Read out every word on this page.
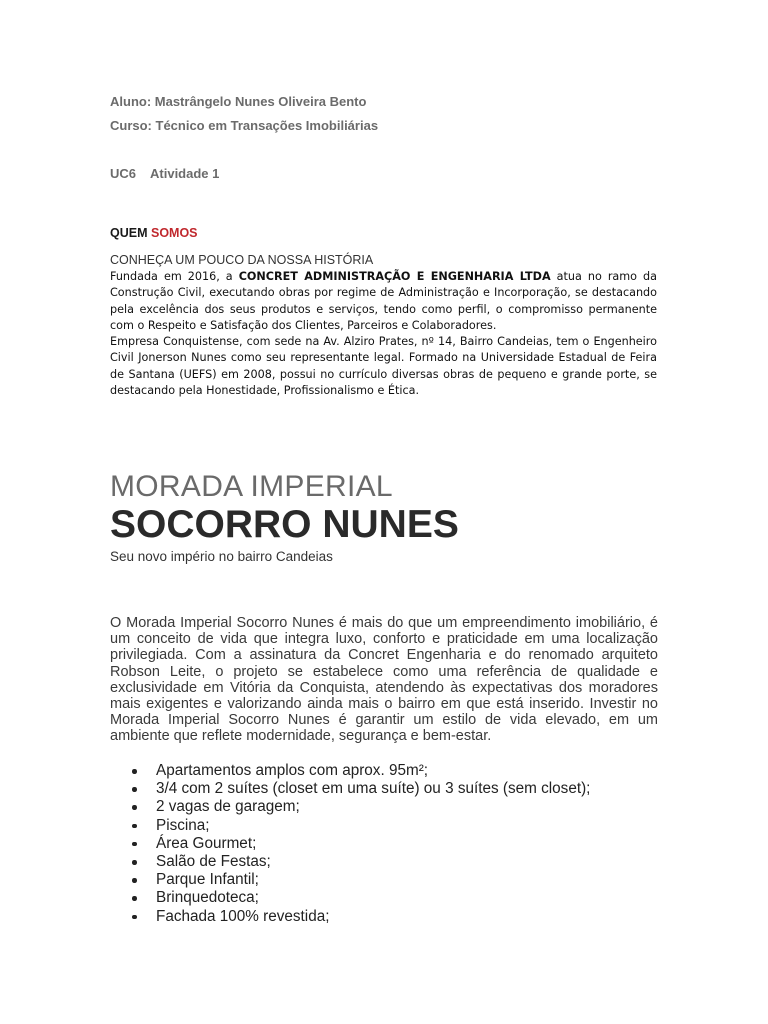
Aluno: Mastrângelo Nunes Oliveira Bento
Curso: Técnico em Transações Imobiliárias
UC6 Atividade 1
QUEM SOMOS
CONHEÇA UM POUCO DA NOSSA HISTÓRIA

Fundada em 2016, a CONCRET ADMINISTRAÇÃO E ENGENHARIA LTDA atua no ramo da Construção Civil, executando obras por regime de Administração e Incorporação, se destacando pela excelência dos seus produtos e serviços, tendo como perfil, o compromisso permanente com o Respeito e Satisfação dos Clientes, Parceiros e Colaboradores.

Empresa Conquistense, com sede na Av. Alziro Prates, nº 14, Bairro Candeias, tem o Engenheiro Civil Jonerson Nunes como seu representante legal. Formado na Universidade Estadual de Feira de Santana (UEFS) em 2008, possui no currículo diversas obras de pequeno e grande porte, se destacando pela Honestidade, Profissionalismo e Ética.

MORADA IMPERIAL
SOCORRO NUNES
Seu novo império no bairro Candeias

O Morada Imperial Socorro Nunes é mais do que um empreendimento imobiliário, é um conceito de vida que integra luxo, conforto e praticidade em uma localização privilegiada. Com a assinatura da Concret Engenharia e do renomado arquiteto Robson Leite, o projeto se estabelece como uma referência de qualidade e exclusividade em Vitória da Conquista, atendendo às expectativas dos moradores mais exigentes e valorizando ainda mais o bairro em que está inserido. Investir no Morada Imperial Socorro Nunes é garantir um estilo de vida elevado, em um ambiente que reflete modernidade, segurança e bem-estar.

Apartamentos amplos com aprox. 95m²;
3/4 com 2 suítes (closet em uma suíte) ou 3 suítes (sem closet);
2 vagas de garagem;
Piscina;
Área Gourmet;
Salão de Festas;
Parque Infantil;
Brinquedoteca;
Fachada 100% revestida;
